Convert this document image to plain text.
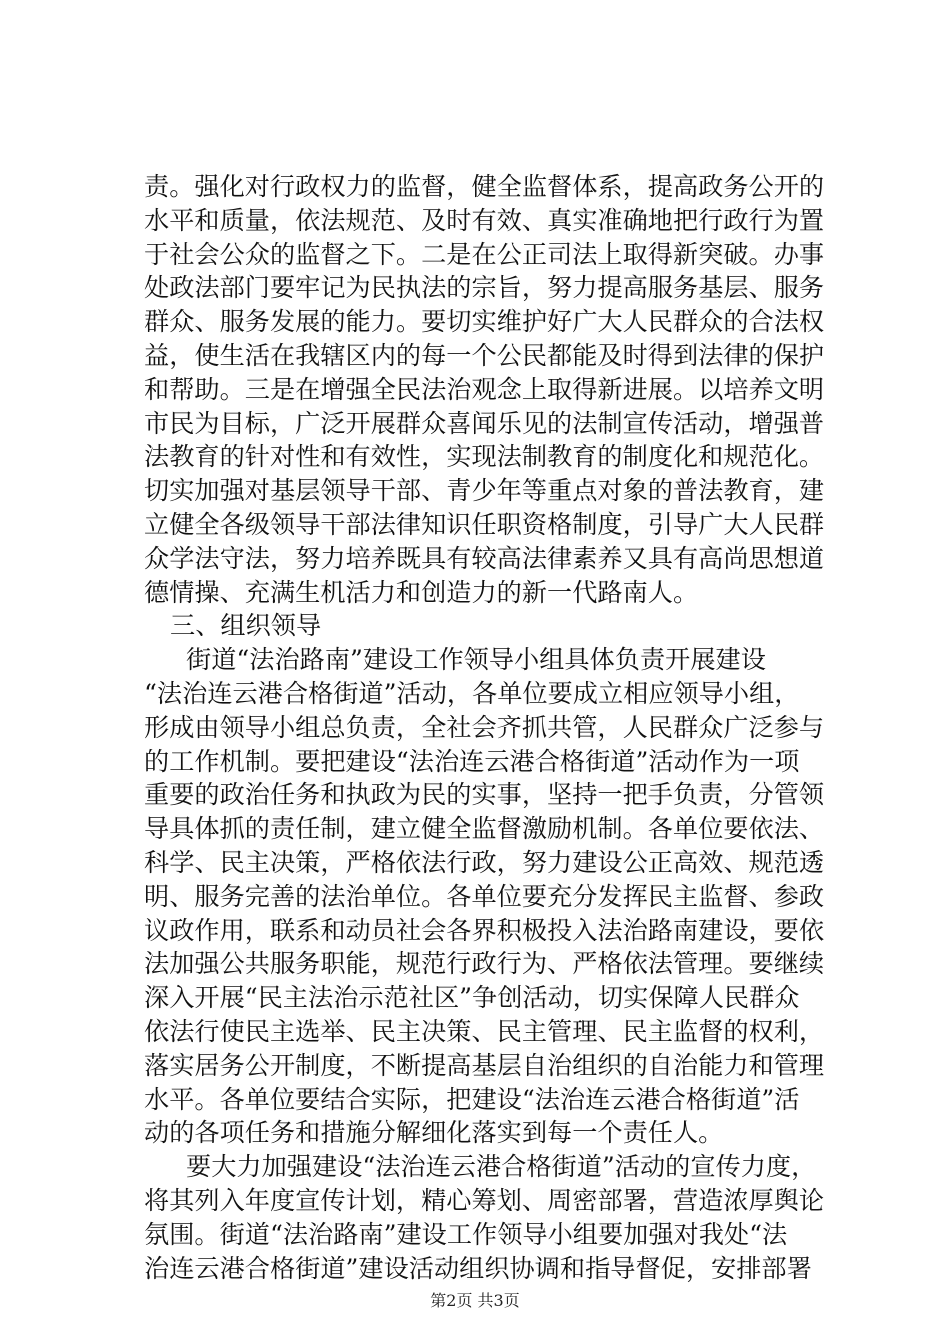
责。强化对行政权力的监督，健全监督体系，提高政务公开的
水平和质量，依法规范、及时有效、真实准确地把行政行为置
于社会公众的监督之下。二是在公正司法上取得新突破。办事
处政法部门要牢记为民执法的宗旨，努力提高服务基层、服务
群众、服务发展的能力。要切实维护好广大人民群众的合法权
益，使生活在我辖区内的每一个公民都能及时得到法律的保护
和帮助。三是在增强全民法治观念上取得新进展。以培养文明
市民为目标，广泛开展群众喜闻乐见的法制宣传活动，增强普
法教育的针对性和有效性，实现法制教育的制度化和规范化。
切实加强对基层领导干部、青少年等重点对象的普法教育，建
立健全各级领导干部法律知识任职资格制度，引导广大人民群
众学法守法，努力培养既具有较高法律素养又具有高尚思想道
德情操、充满生机活力和创造力的新一代路南人。
三、组织领导
街道“法治路南”建设工作领导小组具体负责开展建设
“法治连云港合格街道”活动，各单位要成立相应领导小组，
形成由领导小组总负责，全社会齐抓共管，人民群众广泛参与
的工作机制。要把建设“法治连云港合格街道”活动作为一项
重要的政治任务和执政为民的实事，坚持一把手负责，分管领
导具体抓的责任制，建立健全监督激励机制。各单位要依法、
科学、民主决策，严格依法行政，努力建设公正高效、规范透
明、服务完善的法治单位。各单位要充分发挥民主监督、参政
议政作用，联系和动员社会各界积极投入法治路南建设，要依
法加强公共服务职能，规范行政行为、严格依法管理。要继续
深入开展“民主法治示范社区”争创活动，切实保障人民群众
依法行使民主选举、民主决策、民主管理、民主监督的权利，
落实居务公开制度，不断提高基层自治组织的自治能力和管理
水平。各单位要结合实际，把建设“法治连云港合格街道”活
动的各项任务和措施分解细化落实到每一个责任人。
要大力加强建设“法治连云港合格街道”活动的宣传力度，
将其列入年度宣传计划，精心筹划、周密部署，营造浓厚舆论
氛围。街道“法治路南”建设工作领导小组要加强对我处“法
治连云港合格街道”建设活动组织协调和指导督促，安排部署
第2页 共3页
